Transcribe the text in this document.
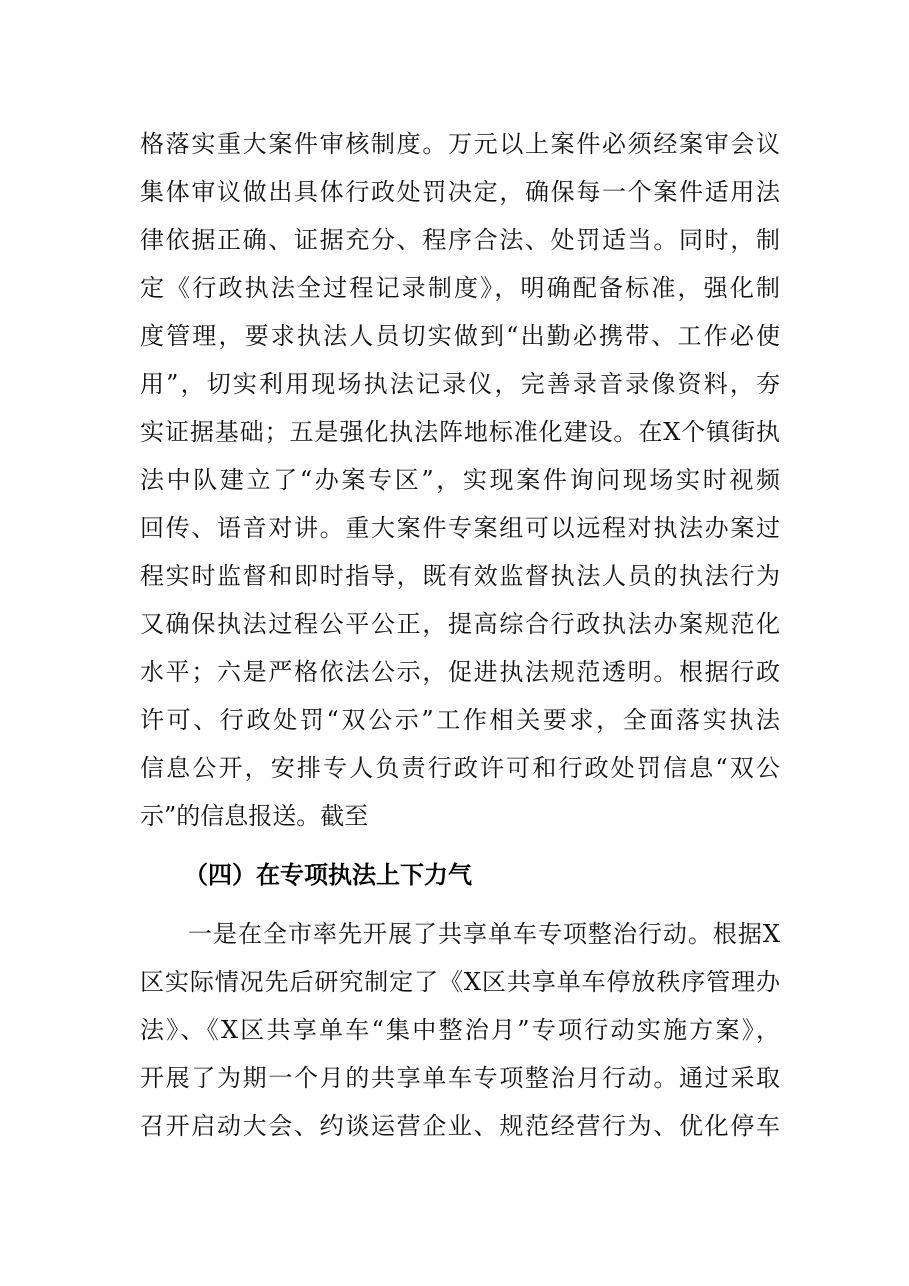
格落实重大案件审核制度。万元以上案件必须经案审会议
集体审议做出具体行政处罚决定，确保每一个案件适用法
律依据正确、证据充分、程序合法、处罚适当。同时，制
定《行政执法全过程记录制度》，明确配备标准，强化制
度管理，要求执法人员切实做到“出勤必携带、工作必使
用”，切实利用现场执法记录仪，完善录音录像资料，夯
实证据基础；五是强化执法阵地标准化建设。在X个镇街执
法中队建立了“办案专区”，实现案件询问现场实时视频
回传、语音对讲。重大案件专案组可以远程对执法办案过
程实时监督和即时指导，既有效监督执法人员的执法行为
又确保执法过程公平公正，提高综合行政执法办案规范化
水平；六是严格依法公示，促进执法规范透明。根据行政
许可、行政处罚“双公示”工作相关要求，全面落实执法
信息公开，安排专人负责行政许可和行政处罚信息“双公
示”的信息报送。截至
（四）在专项执法上下力气
一是在全市率先开展了共享单车专项整治行动。根据X
区实际情况先后研究制定了《X区共享单车停放秩序管理办
法》、《X区共享单车“集中整治月”专项行动实施方案》，
开展了为期一个月的共享单车专项整治月行动。通过采取
召开启动大会、约谈运营企业、规范经营行为、优化停车
